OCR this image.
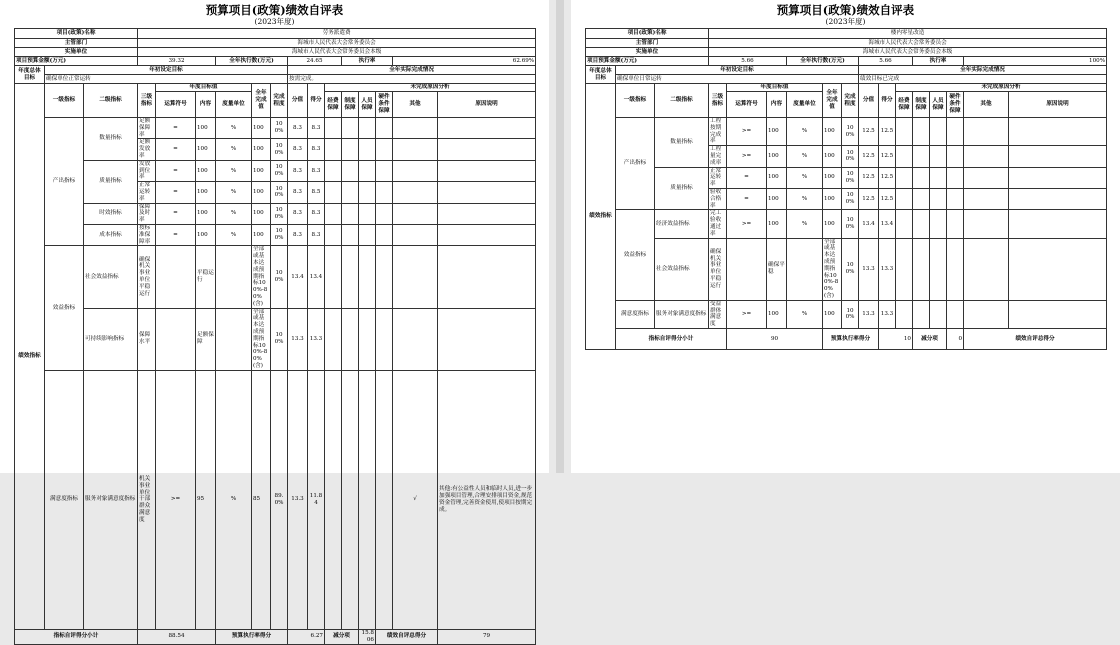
预算项目(政策)绩效自评表
(2023年度)
项目(政策)名称			劳务派遣费														
主管部门			海城市人民代表大会常务委员会														
实施单位			海城市人民代表大会常务委员会本级														
项目预算金额(万元)			39.32			全年执行数(万元)			24.65			执行率			62.69%		
年度总体
目标	年初设定目标								全年实际完成情况								
	确保单位正常运转								按需完成。								
绩效指标	一级指标	二级指标	三级指标	年度目标值			全年完成值	完成程度	分值	得分	未完成原因分析	
				运算符号	内容	度量单位					经费保障	制度保障	人员保障	硬件条件保障	其他	原因说明	
	产出指标	数量指标	足额保障率	=	100	%	100	100%	8.3	8.3							
			足额发放率	=	100	%	100	100%	8.3	8.3							
		质量指标	发放到位率	=	100	%	100	100%	8.3	8.3							
			正常运转率	=	100	%	100	100%	8.3	8.5							
		时效指标	保障及时率	=	100	%	100	100%	8.3	8.3							
		成本指标	按标准保障率	=	100	%	100	100%	8.3	8.3							
	效益指标	社会效益指标	确保机关事业单位平稳运行		平稳运行		全部或基本达成预期指标100%-80%(含)	100%	13.4	13.4							
		可持续影响指标	保障水平		足额保障		全部或基本达成预期指标100%-80%(含)	100%	13.3	13.3							
	满意度指标	服务对象满意度指标	机关事业单位干部群众满意度	>=	95	%	85	89.0%	13.3	11.84					√	其他:有公益性人员和临时人员,进一步加强项目管理,合理安排项目资金,规范资金管理,完善资金使用,使项目按期完成。	
指标自评得分小计			88.54			预算执行率得分			6.27		减分项		15.806	绩效自评总得分		79	
预算项目(政策)绩效自评表
(2023年度)
项目(政策)名称			楼内零星改造														
主管部门			海城市人民代表大会常务委员会														
实施单位			海城市人民代表大会常务委员会本级														
项目预算金额(万元)			5.66			全年执行数(万元)			5.66			执行率			100%		
年度总体
目标	年初设定目标								全年实际完成情况								
	确保单位日常运转								绩效目标已完成								
绩效指标	一级指标	二级指标	三级指标	年度目标值			全年完成值	完成程度	分值	得分	未完成原因分析	
				运算符号	内容	度量单位					经费保障	制度保障	人员保障	硬件条件保障	其他	原因说明	
	产出指标	数量指标	工程按期完成率	>=	100	%	100	100%	12.5	12.5							
			工程量完成率	>=	100	%	100	100%	12.5	12.5							
		质量指标	正常运转率	=	100	%	100	100%	12.5	12.5							
			验收合格率	=	100	%	100	100%	12.5	12.5							
	效益指标	经济效益指标	完工验收通过率	>=	100	%	100	100%	13.4	13.4							
		社会效益指标	确保机关事业单位平稳运行		确保平稳		全部或基本达成预期指标100%-80%(含)	100%	13.3	13.3							
	满意度指标	服务对象满意度指标	受益群体满意度	>=	100	%	100	100%	13.3	13.3							
	指标自评得分小计			90			预算执行率得分			10		减分项		0	绩效自评总得分	
